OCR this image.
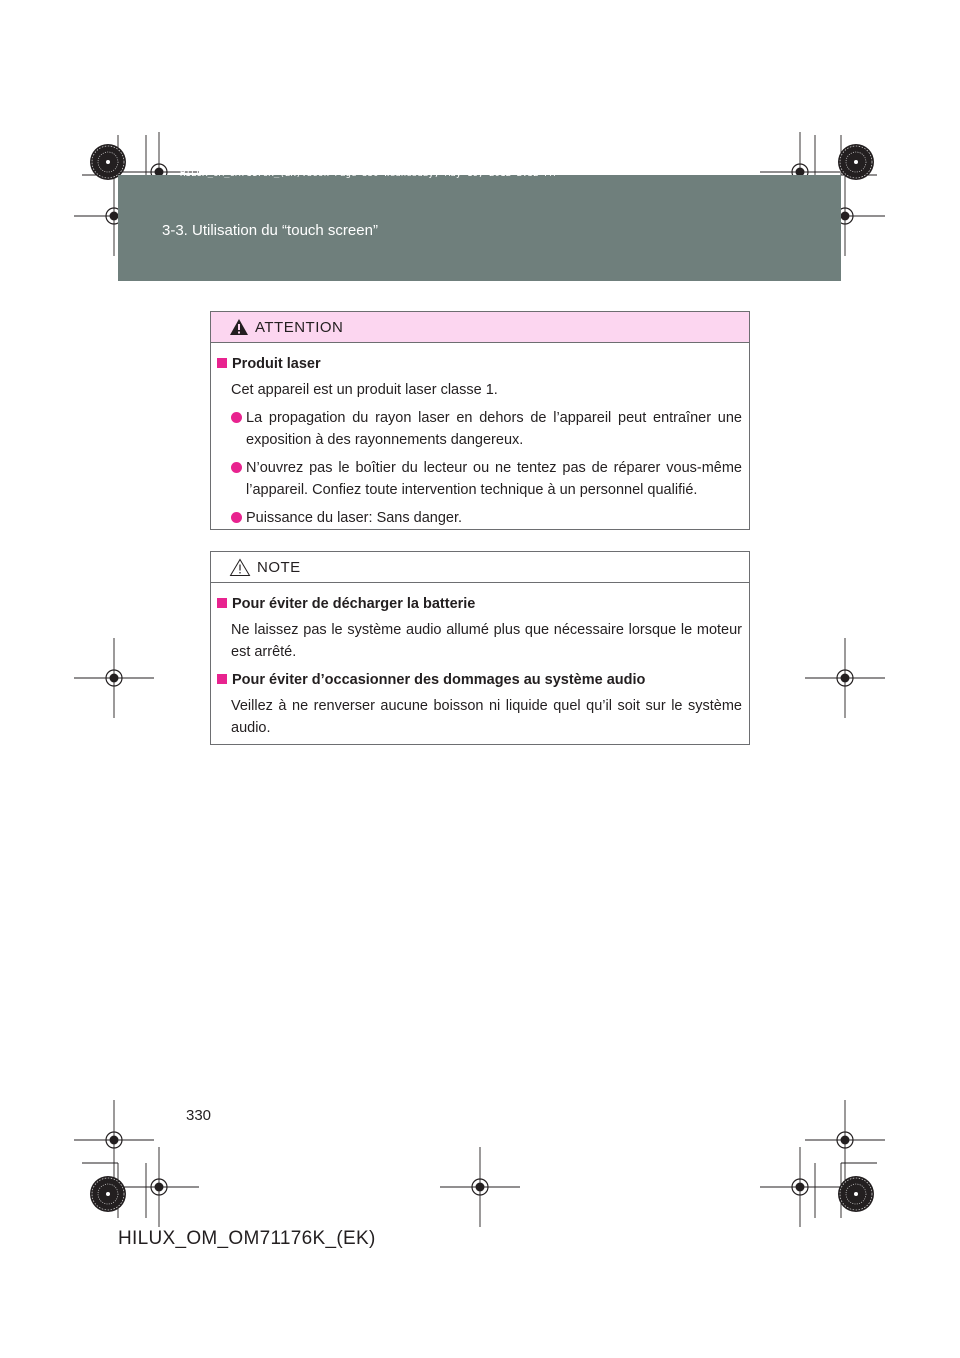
3-3. Utilisation du “touch screen”
HILUX_OM_OM71176K_(EK).book Page 330 Wednesday, May 16, 2012 2:32 PM
ATTENTION
Produit laser
Cet appareil est un produit laser classe 1.
La propagation du rayon laser en dehors de l’appareil peut entraîner une exposition à des rayonnements dangereux.
N’ouvrez pas le boîtier du lecteur ou ne tentez pas de réparer vous-même l’appareil. Confiez toute intervention technique à un personnel qualifié.
Puissance du laser: Sans danger.
NOTE
Pour éviter de décharger la batterie
Ne laissez pas le système audio allumé plus que nécessaire lorsque le moteur est arrêté.
Pour éviter d’occasionner des dommages au système audio
Veillez à ne renverser aucune boisson ni liquide quel qu’il soit sur le système audio.
330
HILUX_OM_OM71176K_(EK)
